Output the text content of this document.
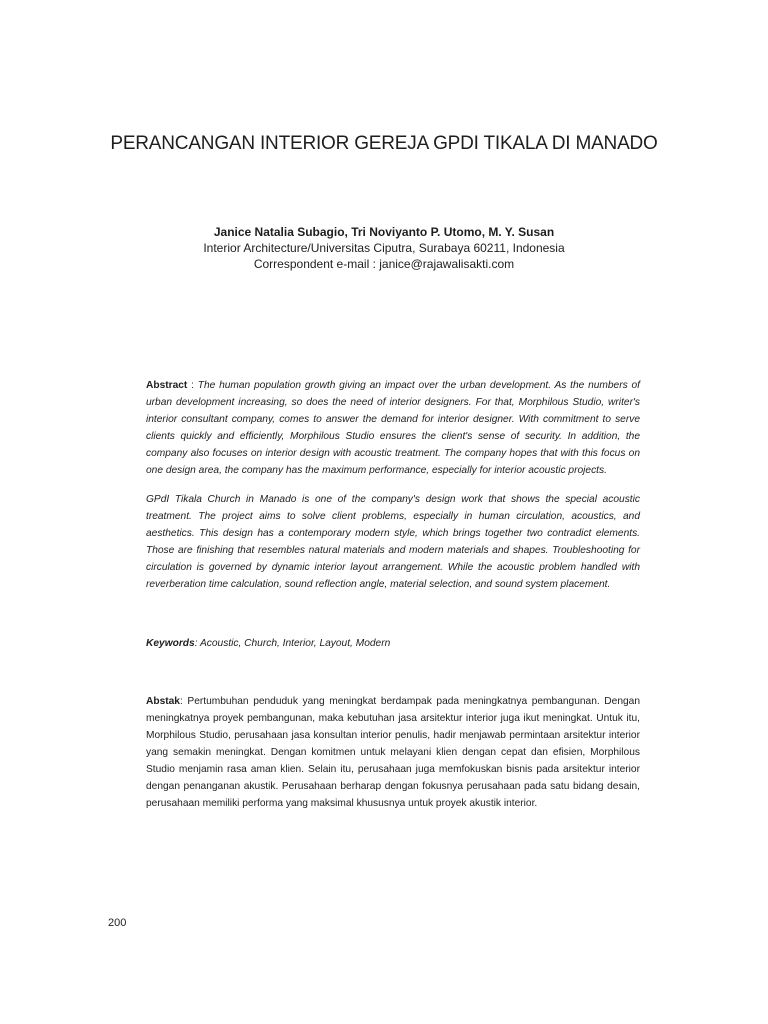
PERANCANGAN INTERIOR GEREJA GPDI TIKALA DI MANADO
Janice Natalia Subagio, Tri Noviyanto P. Utomo, M. Y. Susan
Interior Architecture/Universitas Ciputra, Surabaya 60211, Indonesia
Correspondent e-mail : janice@rajawalisakti.com

Abstract : The human population growth giving an impact over the urban development. As the numbers of urban development increasing, so does the need of interior designers. For that, Morphilous Studio, writer's interior consultant company, comes to answer the demand for interior designer. With commitment to serve clients quickly and efficiently, Morphilous Studio ensures the client's sense of security. In addition, the company also focuses on interior design with acoustic treatment. The company hopes that with this focus on one design area, the company has the maximum performance, especially for interior acoustic projects.

GPdI Tikala Church in Manado is one of the company's design work that shows the special acoustic treatment. The project aims to solve client problems, especially in human circulation, acoustics, and aesthetics. This design has a contemporary modern style, which brings together two contradict elements. Those are finishing that resembles natural materials and modern materials and shapes. Troubleshooting for circulation is governed by dynamic interior layout arrangement. While the acoustic problem handled with reverberation time calculation, sound reflection angle, material selection, and sound system placement.

Keywords: Acoustic, Church, Interior, Layout, Modern

Abstak: Pertumbuhan penduduk yang meningkat berdampak pada meningkatnya pembangunan. Dengan meningkatnya proyek pembangunan, maka kebutuhan jasa arsitektur interior juga ikut meningkat. Untuk itu, Morphilous Studio, perusahaan jasa konsultan interior penulis, hadir menjawab permintaan arsitektur interior yang semakin meningkat. Dengan komitmen untuk melayani klien dengan cepat dan efisien, Morphilous Studio menjamin rasa aman klien. Selain itu, perusahaan juga memfokuskan bisnis pada arsitektur interior dengan penanganan akustik. Perusahaan berharap dengan fokusnya perusahaan pada satu bidang desain, perusahaan memiliki performa yang maksimal khususnya untuk proyek akustik interior.

200
